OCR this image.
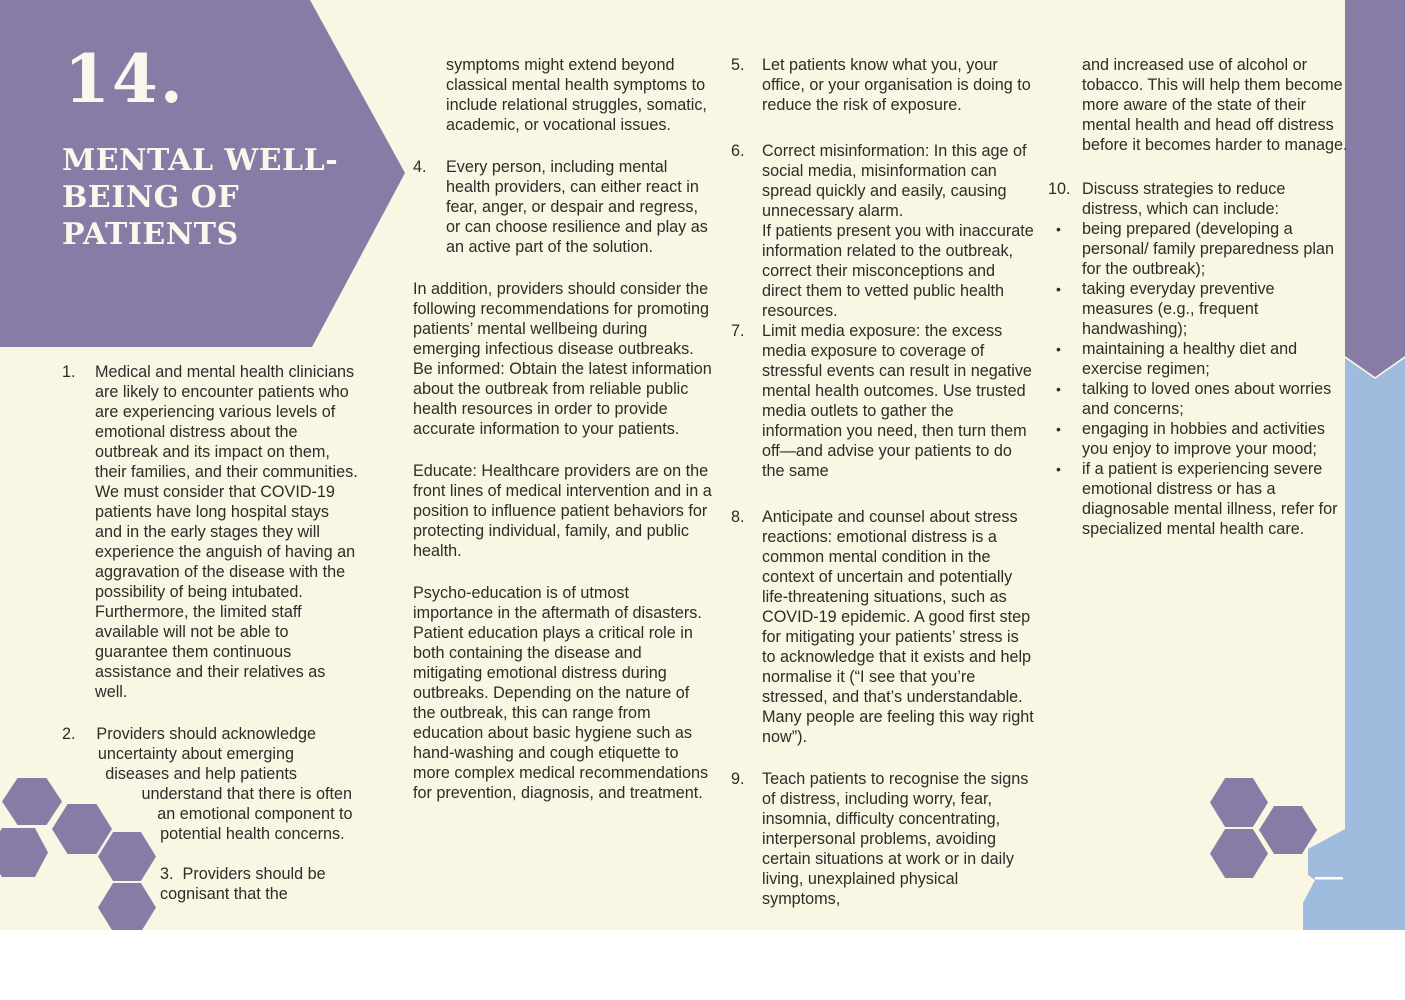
14.
MENTAL WELL-BEING OF PATIENTS
1.	Medical and mental health clinicians are likely to encounter patients who are experiencing various levels of emotional distress about the outbreak and its impact on them, their families, and their communities. We must consider that COVID-19 patients have long hospital stays and in the early stages they will experience the anguish of having an aggravation of the disease with the possibility of being intubated. Furthermore, the limited staff available will not be able to guarantee them continuous assistance and their relatives as well.

2.	Providers should acknowledge uncertainty about emerging diseases and help patients understand that there is often an emotional component to potential health concerns.

3. Providers should be cognisant that the

symptoms might extend beyond classical mental health symptoms to include relational struggles, somatic, academic, or vocational issues.

4.	Every person, including mental health providers, can either react in fear, anger, or despair and regress, or can choose resilience and play as an active part of the solution.

In addition, providers should consider the following recommendations for promoting patients’ mental wellbeing during emerging infectious disease outbreaks.

Be informed: Obtain the latest information about the outbreak from reliable public health resources in order to provide accurate information to your patients.

Educate: Healthcare providers are on the front lines of medical intervention and in a position to influence patient behaviors for protecting individual, family, and public health.

Psycho-education is of utmost importance in the aftermath of disasters. Patient education plays a critical role in both containing the disease and mitigating emotional distress during outbreaks. Depending on the nature of the outbreak, this can range from education about basic hygiene such as hand-washing and cough etiquette to more complex medical recommendations for prevention, diagnosis, and treatment.

5.	Let patients know what you, your office, or your organisation is doing to reduce the risk of exposure.

6.	Correct misinformation: In this age of social media, misinformation can spread quickly and easily, causing unnecessary alarm.

If patients present you with inaccurate information related to the outbreak, correct their misconceptions and direct them to vetted public health resources.

7.	Limit media exposure: the excess media exposure to coverage of stressful events can result in negative mental health outcomes. Use trusted media outlets to gather the information you need, then turn them off—and advise your patients to do the same

8.	Anticipate and counsel about stress reactions: emotional distress is a common mental condition in the context of uncertain and potentially life-threatening situations, such as COVID-19 epidemic. A good first step for mitigating your patients’ stress is to acknowledge that it exists and help normalise it (“I see that you’re stressed, and that’s understandable. Many people are feeling this way right now”).

9.	Teach patients to recognise the signs of distress, including worry, fear, insomnia, difficulty concentrating, interpersonal problems, avoiding certain situations at work or in daily living, unexplained physical symptoms,

and increased use of alcohol or tobacco. This will help them become more aware of the state of their mental health and head off distress before it becomes harder to manage.

10. Discuss strategies to reduce distress, which can include:

•

being prepared (developing a personal/ family preparedness plan for the outbreak);

•

taking everyday preventive measures (e.g., frequent handwashing);

•

maintaining a healthy diet and exercise regimen;

•

talking to loved ones about worries and concerns;

•

engaging in hobbies and activities you enjoy to improve your mood;

•

if a patient is experiencing severe emotional distress or has a diagnosable mental illness, refer for specialized mental health care.
